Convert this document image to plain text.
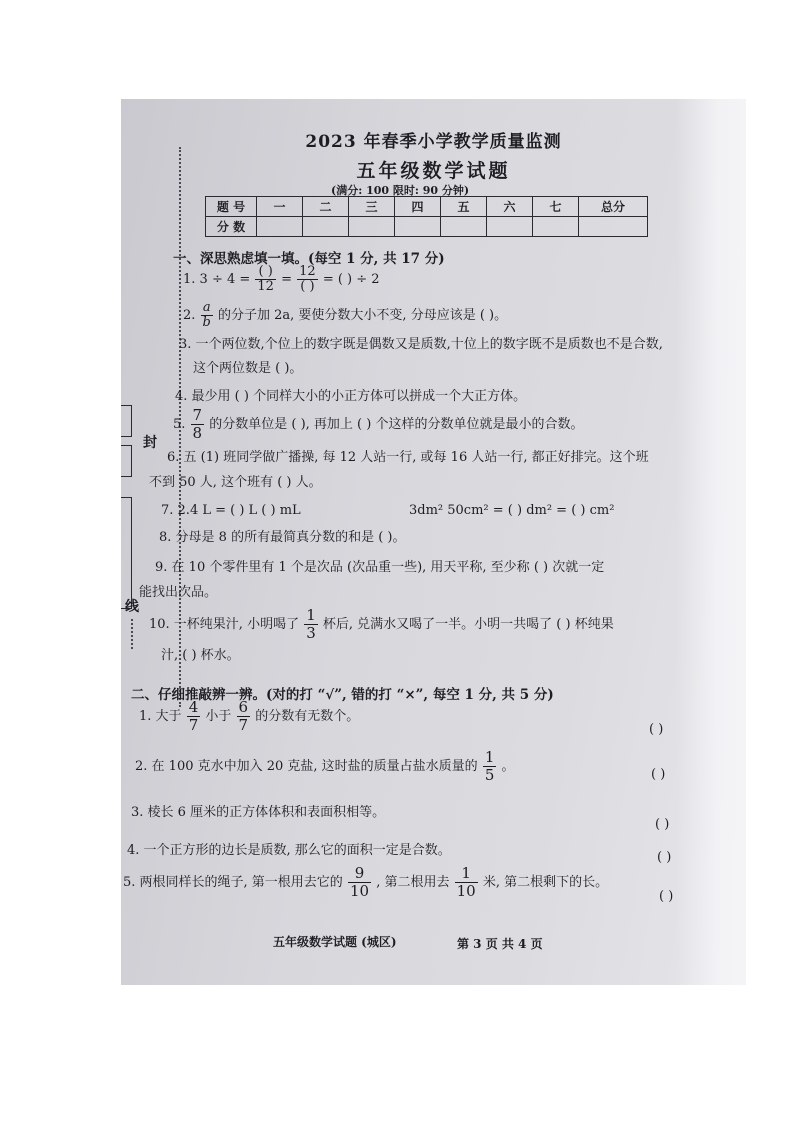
封
线
2023 年春季小学教学质量监测
五年级数学试题
(满分: 100 限时: 90 分钟)
题 号	一	二	三	四	五	六	七	总分
分 数								
一、深思熟虑填一填。(每空 1 分, 共 17 分)
1. $3 \div 4 = \frac{( )}{12} = \frac{12}{( )}$ = ( ) ÷ 2
2. $\frac{a}{b}$ 的分子加 2a, 要使分数大小不变, 分母应该是 ( )。
3. 一个两位数,个位上的数字既是偶数又是质数,十位上的数字既不是质数也不是合数,
这个两位数是 ( )。
4. 最少用 ( ) 个同样大小的小正方体可以拼成一个大正方体。
5. $\frac{7}{8}$ 的分数单位是 ( ), 再加上 ( ) 个这样的分数单位就是最小的合数。
6. 五 (1) 班同学做广播操, 每 12 人站一行, 或每 16 人站一行, 都正好排完。这个班
不到 50 人, 这个班有 ( ) 人。
7. 2.4 L = ( ) L ( ) mL	3dm² 50cm² = ( ) dm² = ( ) cm²
8. 分母是 8 的所有最简真分数的和是 ( )。
9. 在 10 个零件里有 1 个是次品 (次品重一些), 用天平称, 至少称 ( ) 次就一定
能找出次品。
10. 一杯纯果汁, 小明喝了 $\frac{1}{3}$ 杯后, 兑满水又喝了一半。小明一共喝了 ( ) 杯纯果
汁, ( ) 杯水。
二、仔细推敲辨一辨。(对的打 “√”, 错的打 “×”, 每空 1 分, 共 5 分)
1. 大于 $\frac{4}{7}$ 小于 $\frac{6}{7}$ 的分数有无数个。
( )
2. 在 100 克水中加入 20 克盐, 这时盐的质量占盐水质量的 $\frac{1}{5}$ 。
( )
3. 棱长 6 厘米的正方体体积和表面积相等。
( )
4. 一个正方形的边长是质数, 那么它的面积一定是合数。	( )
5. 两根同样长的绳子, 第一根用去它的 $\frac{9}{10}$ , 第二根用去 $\frac{1}{10}$ 米, 第二根剩下的长。
( )
五年级数学试题 (城区)	第 3 页 共 4 页
